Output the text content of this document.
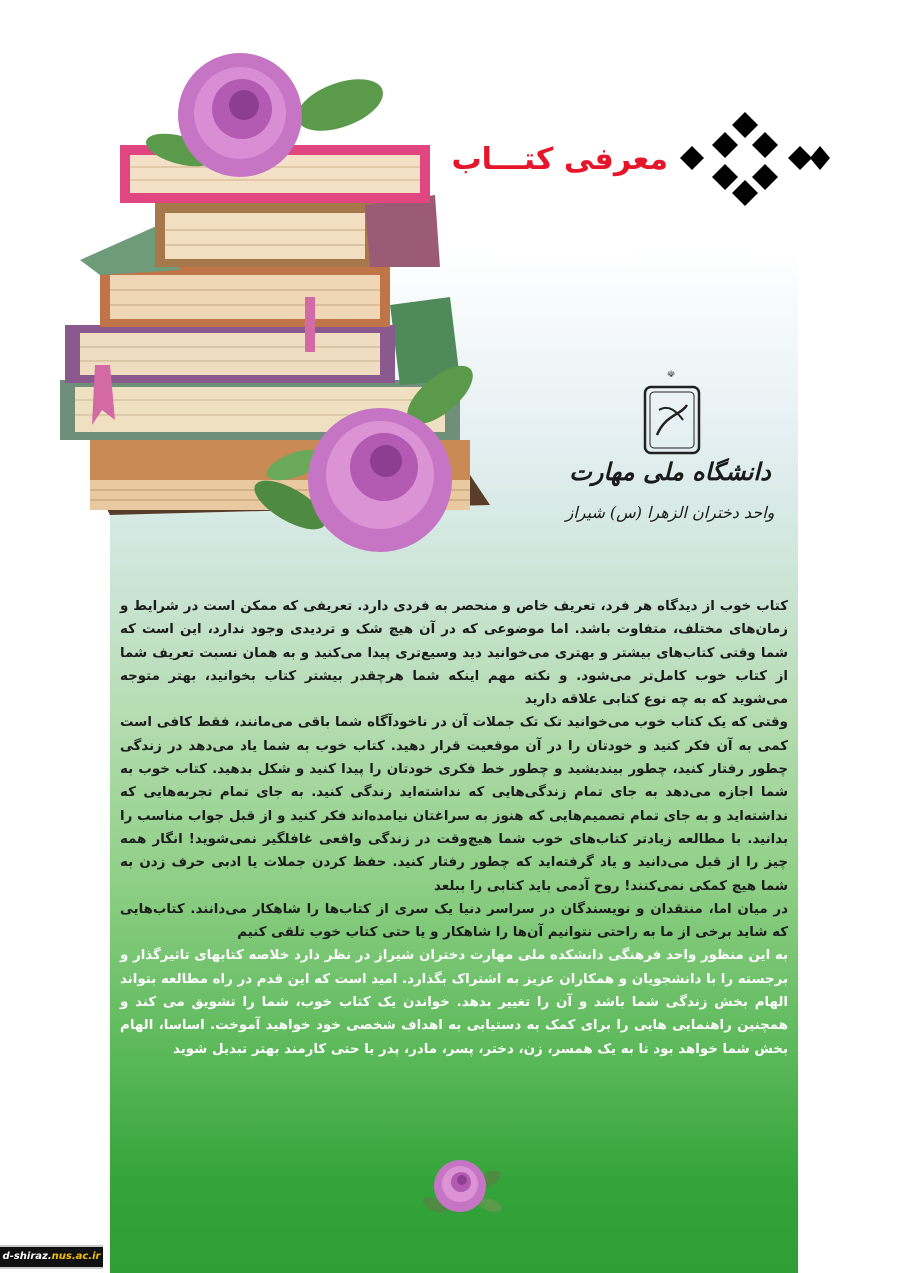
معرفی کتـــاب
☫
دانشگاه ملی مهارت
واحد دختران الزهرا (س) شیراز

کتاب خوب از دیدگاه هر فرد، تعریف خاص و منحصر به فردی دارد. تعریفی که ممکن است در شرایط و زمان‌های مختلف، متفاوت باشد. اما موضوعی که در آن هیچ شک و تردیدی وجود ندارد، این است که شما وقتی کتاب‌های بیشتر و بهتری می‌خوانید دید وسیع‌تری پیدا می‌کنید و به همان نسبت تعریف شما از کتاب خوب کامل‌تر می‌شود. و نکته مهم اینکه شما هرچقدر بیشتر کتاب بخوانید، بهتر متوجه می‌شوید که به چه نوع کتابی علاقه دارید

وقتی که یک کتاب خوب می‌خوانید تک تک جملات آن در ناخودآگاه شما باقی می‌مانند، فقط کافی است کمی به آن فکر کنید و خودتان را در آن موقعیت قرار دهید. کتاب خوب به شما یاد می‌دهد در زندگی چطور رفتار کنید، چطور بیندیشید و چطور خط فکری خودتان را پیدا کنید و شکل بدهید. کتاب خوب به شما اجازه می‌دهد به جای تمام زندگی‌هایی که نداشته‌اید زندگی کنید. به جای تمام تجربه‌هایی که نداشته‌اید و به جای تمام تصمیم‌هایی که هنوز به سراغتان نیامده‌اند فکر کنید و از قبل جواب مناسب را بدانید. با مطالعه زیادتر کتاب‌های خوب شما هیچ‌وقت در زندگی واقعی غافلگیر نمی‌شوید! انگار همه چیز را از قبل می‌دانید و یاد گرفته‌اید که چطور رفتار کنید. حفظ کردن جملات یا ادبی حرف زدن به شما هیچ کمکی نمی‌کنند! روح آدمی باید کتابی را ببلعد

در میان اما، منتقدان و نویسندگان در سراسر دنیا یک سری از کتاب‌ها را شاهکار می‌دانند. کتاب‌هایی که شاید برخی از ما به راحتی نتوانیم آن‌ها را شاهکار و یا حتی کتاب خوب تلقی کنیم

به این منظور واحد فرهنگی دانشکده ملی مهارت دختران شیراز در نظر دارد خلاصه کتابهای تاثیرگذار و برجسته را با دانشجویان و همکاران عزیز به اشتراک بگذارد. امید است که این قدم در راه مطالعه بتواند الهام بخش زندگی شما باشد و آن را تغییر بدهد. خواندن یک کتاب خوب، شما را تشویق می کند و همچنین راهنمایی هایی را برای کمک به دستیابی به اهداف شخصی خود خواهید آموخت. اساسا، الهام بخش شما خواهد بود تا به یک همسر، زن، دختر، پسر، مادر، پدر یا حتی کارمند بهتر تبدیل شوید

d-shiraz.nus.ac.ir
